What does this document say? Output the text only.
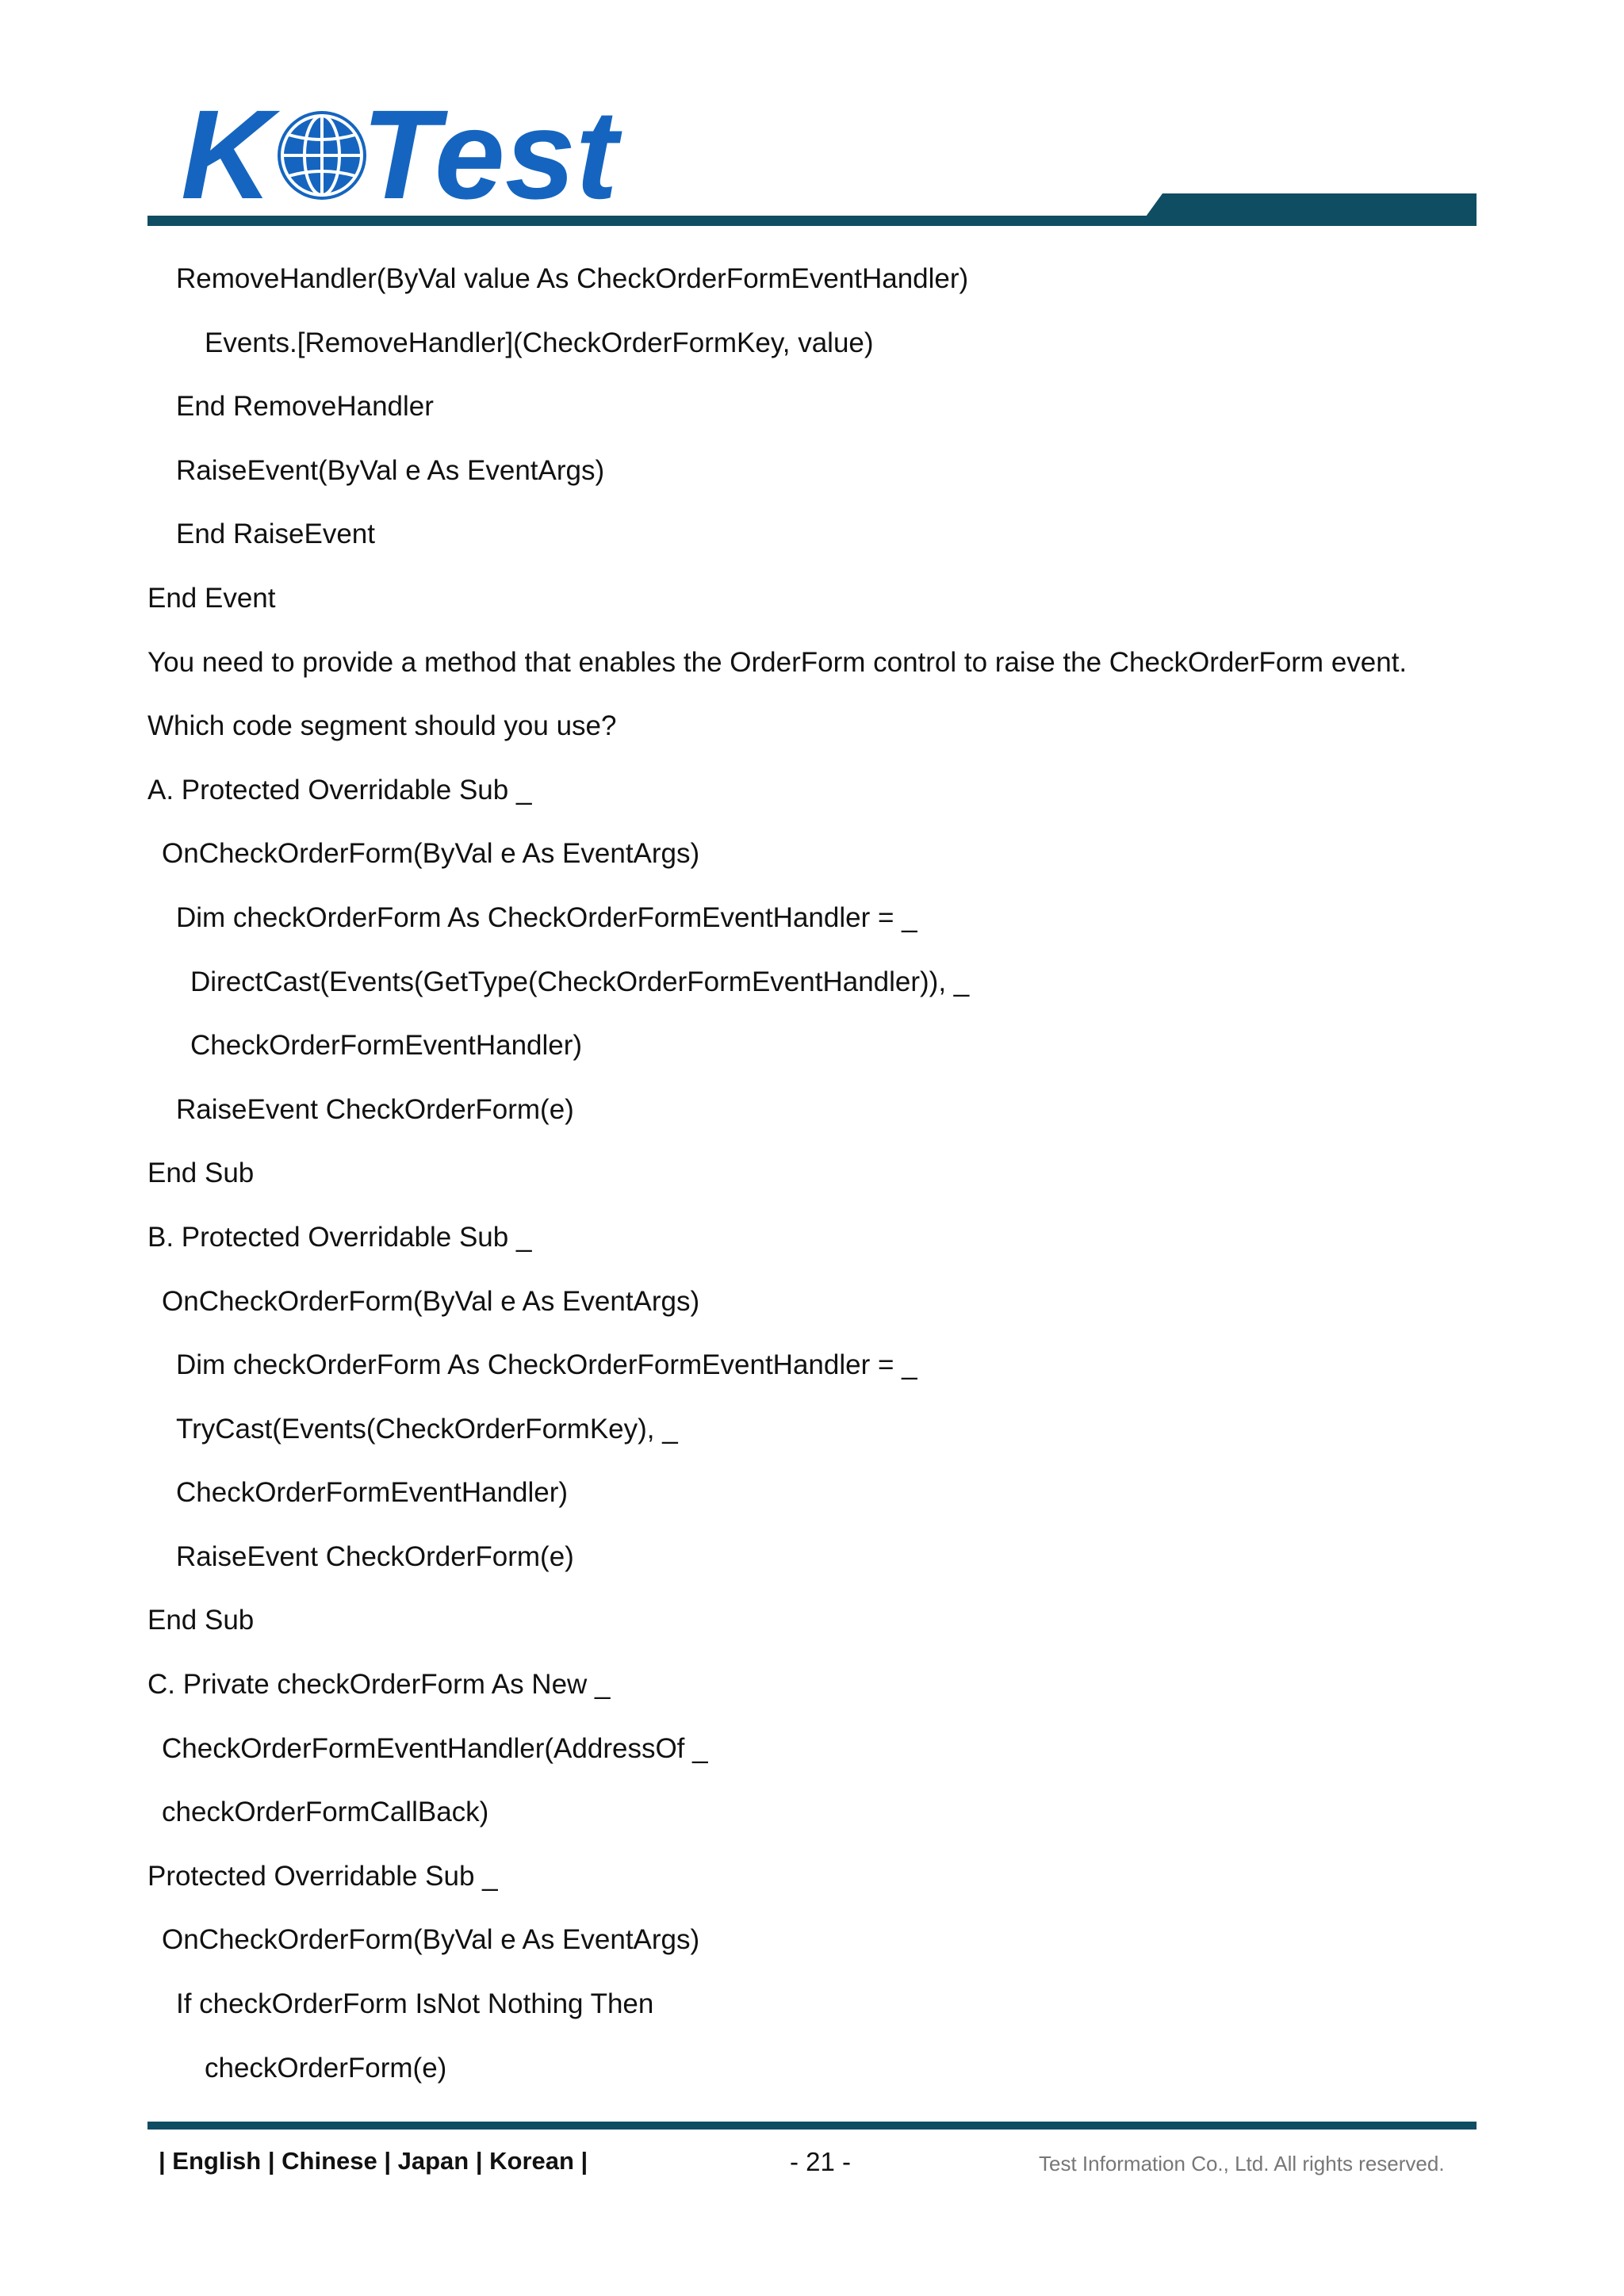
K Test
RemoveHandler(ByVal value As CheckOrderFormEventHandler)
Events.[RemoveHandler](CheckOrderFormKey, value)
End RemoveHandler
RaiseEvent(ByVal e As EventArgs)
End RaiseEvent
End Event
You need to provide a method that enables the OrderForm control to raise the CheckOrderForm event.
Which code segment should you use?
A. Protected Overridable Sub _
OnCheckOrderForm(ByVal e As EventArgs)
Dim checkOrderForm As CheckOrderFormEventHandler = _
DirectCast(Events(GetType(CheckOrderFormEventHandler)), _
CheckOrderFormEventHandler)
RaiseEvent CheckOrderForm(e)
End Sub
B. Protected Overridable Sub _
OnCheckOrderForm(ByVal e As EventArgs)
Dim checkOrderForm As CheckOrderFormEventHandler = _
TryCast(Events(CheckOrderFormKey), _
CheckOrderFormEventHandler)
RaiseEvent CheckOrderForm(e)
End Sub
C. Private checkOrderForm As New _
CheckOrderFormEventHandler(AddressOf _
checkOrderFormCallBack)
Protected Overridable Sub _
OnCheckOrderForm(ByVal e As EventArgs)
If checkOrderForm IsNot Nothing Then
checkOrderForm(e)
| English | Chinese | Japan | Korean |	- 21 -	Test Information Co., Ltd. All rights reserved.
